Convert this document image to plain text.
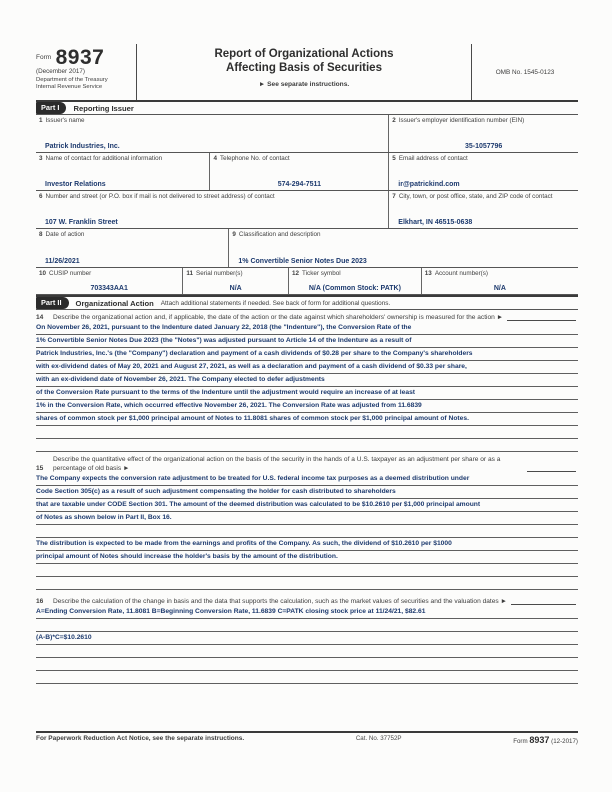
Form 8937
(December 2017)
Department of the Treasury
Internal Revenue Service
Report of Organizational Actions
Affecting Basis of Securities
► See separate instructions.
OMB No. 1545-0123
Part I	Reporting Issuer
1 Issuer's name
Patrick Industries, Inc.
2 Issuer's employer identification number (EIN)
35-1057796
3 Name of contact for additional information
Investor Relations
4 Telephone No. of contact
574-294-7511
5 Email address of contact
ir@patrickind.com
6 Number and street (or P.O. box if mail is not delivered to street address) of contact
107 W. Franklin Street
7 City, town, or post office, state, and ZIP code of contact
Elkhart, IN 46515-0638
8 Date of action
11/26/2021
9 Classification and description
1% Convertible Senior Notes Due 2023
10 CUSIP number
703343AA1
11 Serial number(s)
N/A
12 Ticker symbol
N/A (Common Stock: PATK)
13 Account number(s)
N/A
Part II	Organizational Action Attach additional statements if needed. See back of form for additional questions.
14	Describe the organizational action and, if applicable, the date of the action or the date against which shareholders' ownership is measured for the action ►
On November 26, 2021, pursuant to the Indenture dated January 22, 2018 (the "Indenture"), the Conversion Rate of the
1% Convertible Senior Notes Due 2023 (the "Notes") was adjusted pursuant to Article 14 of the Indenture as a result of
Patrick Industries, Inc.'s (the "Company") declaration and payment of a cash dividends of $0.28 per share to the Company's shareholders
with ex-dividend dates of May 20, 2021 and August 27, 2021, as well as a declaration and payment of a cash dividend of $0.33 per share,
with an ex-dividend date of November 26, 2021. The Company elected to defer adjustments
of the Conversion Rate pursuant to the terms of the Indenture until the adjustment would require an increase of at least
1% in the Conversion Rate, which occurred effective November 26, 2021. The Conversion Rate was adjusted from 11.6839
shares of common stock per $1,000 principal amount of Notes to 11.8081 shares of common stock per $1,000 principal amount of Notes.
15
Describe the quantitative effect of the organizational action on the basis of the security in the hands of a U.S. taxpayer as an adjustment per share or as a percentage of old basis ►
The Company expects the conversion rate adjustment to be treated for U.S. federal income tax purposes as a deemed distribution under
Code Section 305(c) as a result of such adjustment compensating the holder for cash distributed to shareholders
that are taxable under CODE Section 301. The amount of the deemed distribution was calculated to be $10.2610 per $1,000 principal amount
of Notes as shown below in Part II, Box 16.
The distribution is expected to be made from the earnings and profits of the Company. As such, the dividend of $10.2610 per $1000
principal amount of Notes should increase the holder's basis by the amount of the distribution.
16	Describe the calculation of the change in basis and the data that supports the calculation, such as the market values of securities and the valuation dates ►
A=Ending Conversion Rate, 11.8081 B=Beginning Conversion Rate, 11.6839 C=PATK closing stock price at 11/24/21, $82.61
(A-B)*C=$10.2610
For Paperwork Reduction Act Notice, see the separate instructions.	Cat. No. 37752P	Form 8937 (12-2017)
